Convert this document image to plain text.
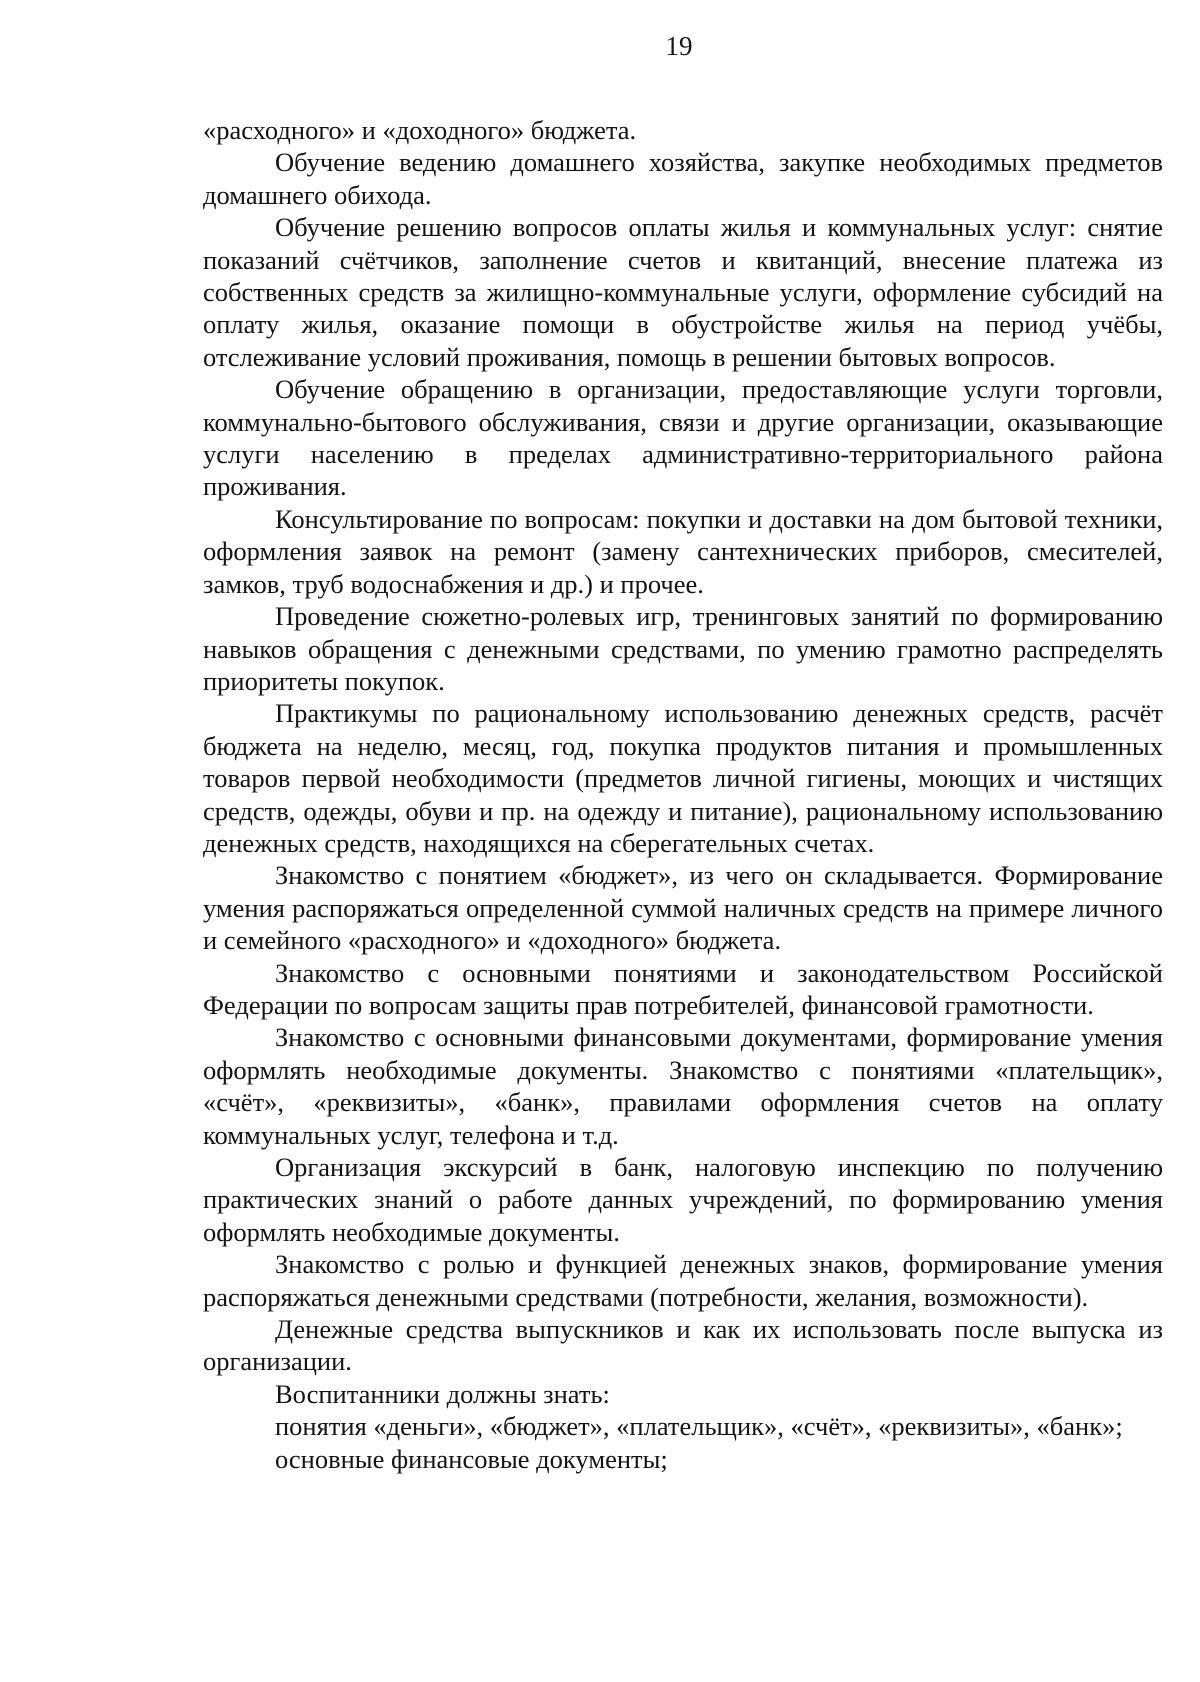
19

«расходного» и «доходного» бюджета.

Обучение ведению домашнего хозяйства, закупке необходимых предметов домашнего обихода.

Обучение решению вопросов оплаты жилья и коммунальных услуг: снятие показаний счётчиков, заполнение счетов и квитанций, внесение платежа из собственных средств за жилищно-коммунальные услуги, оформление субсидий на оплату жилья, оказание помощи в обустройстве жилья на период учёбы, отслеживание условий проживания, помощь в решении бытовых вопросов.

Обучение обращению в организации, предоставляющие услуги торговли, коммунально-бытового обслуживания, связи и другие организации, оказывающие услуги населению в пределах административно-территориального района проживания.

Консультирование по вопросам: покупки и доставки на дом бытовой техники, оформления заявок на ремонт (замену сантехнических приборов, смесителей, замков, труб водоснабжения и др.) и прочее.

Проведение сюжетно-ролевых игр, тренинговых занятий по формированию навыков обращения с денежными средствами, по умению грамотно распределять приоритеты покупок.

Практикумы по рациональному использованию денежных средств, расчёт бюджета на неделю, месяц, год, покупка продуктов питания и промышленных товаров первой необходимости (предметов личной гигиены, моющих и чистящих средств, одежды, обуви и пр. на одежду и питание), рациональному использованию денежных средств, находящихся на сберегательных счетах.

Знакомство с понятием «бюджет», из чего он складывается. Формирование умения распоряжаться определенной суммой наличных средств на примере личного и семейного «расходного» и «доходного» бюджета.

Знакомство с основными понятиями и законодательством Российской Федерации по вопросам защиты прав потребителей, финансовой грамотности.

Знакомство с основными финансовыми документами, формирование умения оформлять необходимые документы. Знакомство с понятиями «плательщик», «счёт», «реквизиты», «банк», правилами оформления счетов на оплату коммунальных услуг, телефона и т.д.

Организация экскурсий в банк, налоговую инспекцию по получению практических знаний о работе данных учреждений, по формированию умения оформлять необходимые документы.

Знакомство с ролью и функцией денежных знаков, формирование умения распоряжаться денежными средствами (потребности, желания, возможности).

Денежные средства выпускников и как их использовать после выпуска из организации.

Воспитанники должны знать:

понятия «деньги», «бюджет», «плательщик», «счёт», «реквизиты», «банк»;

основные финансовые документы;
